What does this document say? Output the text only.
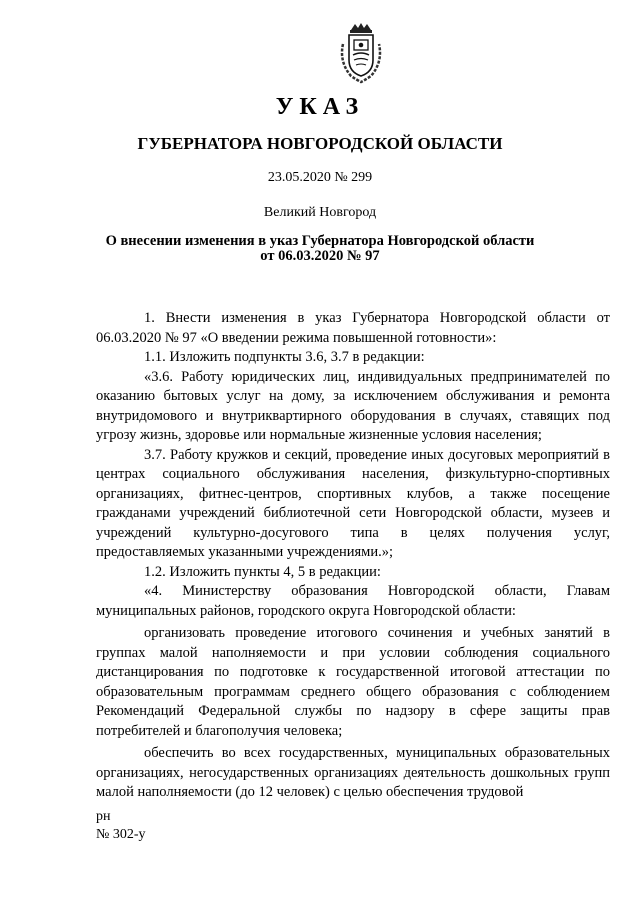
УКАЗ
ГУБЕРНАТОРА НОВГОРОДСКОЙ ОБЛАСТИ
23.05.2020 № 299
Великий Новгород
О внесении изменения в указ Губернатора Новгородской области
от 06.03.2020 № 97

1. Внести изменения в указ Губернатора Новгородской области от 06.03.2020 № 97 «О введении режима повышенной готовности»:

1.1. Изложить подпункты 3.6, 3.7 в редакции:

«3.6. Работу юридических лиц, индивидуальных предпринимателей по оказанию бытовых услуг на дому, за исключением обслуживания и ремонта внутридомового и внутриквартирного оборудования в случаях, ставящих под угрозу жизнь, здоровье или нормальные жизненные условия населения;

3.7. Работу кружков и секций, проведение иных досуговых мероприятий в центрах социального обслуживания населения, физкультурно-спортивных организациях, фитнес-центров, спортивных клубов, а также посещение гражданами учреждений библиотечной сети Новгородской области, музеев и учреждений культурно-досугового типа в целях получения услуг, предоставляемых указанными учреждениями.»;

1.2. Изложить пункты 4, 5 в редакции:

«4. Министерству образования Новгородской области, Главам муниципальных районов, городского округа Новгородской области:

организовать проведение итогового сочинения и учебных занятий в группах малой наполняемости и при условии соблюдения социального дистанцирования по подготовке к государственной итоговой аттестации по образовательным программам среднего общего образования с соблюдением Рекомендаций Федеральной службы по надзору в сфере защиты прав потребителей и благополучия человека;

обеспечить во всех государственных, муниципальных образовательных организациях, негосударственных организациях деятельность дошкольных групп малой наполняемости (до 12 человек) с целью обеспечения трудовой

рн
№ 302-у
